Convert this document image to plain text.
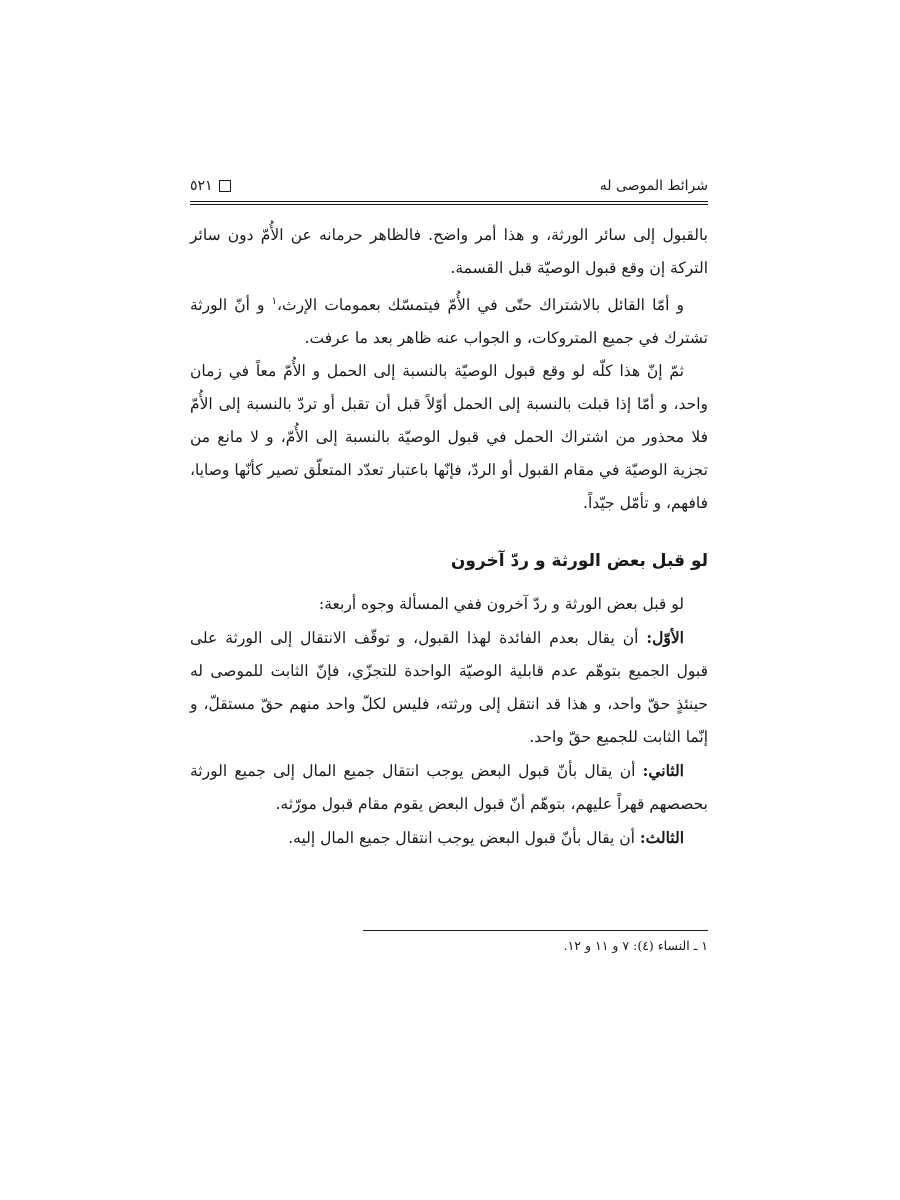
شرائط الموصى له
٥٢١

بالقبول إلى سائر الورثة، و هذا أمر واضح. فالظاهر حرمانه عن الأُمّ دون سائر التركة إن وقع قبول الوصيّة قبل القسمة.

و أمّا القائل بالاشتراك حتّى في الأُمّ فيتمسّك بعمومات الإرث،$^١$ و أنّ الورثة تشترك في جميع المتروكات، و الجواب عنه ظاهر بعد ما عرفت.

ثمّ إنّ هذا كلّه لو وقع قبول الوصيّة بالنسبة إلى الحمل و الأُمّ معاً في زمان واحد، و أمّا إذا قبلت بالنسبة إلى الحمل أوّلاً قبل أن تقبل أو تردّ بالنسبة إلى الأُمّ فلا محذور من اشتراك الحمل في قبول الوصيّة بالنسبة إلى الأُمّ، و لا مانع من تجزية الوصيّة في مقام القبول أو الردّ، فإنّها باعتبار تعدّد المتعلّق تصير كأنّها وصايا، فافهم، و تأمّل جيّداً.

لو قبل بعض الورثة و ردّ آخرون

لو قبل بعض الورثة و ردّ آخرون ففي المسألة وجوه أربعة:

الأوّل: أن يقال بعدم الفائدة لهذا القبول، و توقّف الانتقال إلى الورثة على قبول الجميع بتوهّم عدم قابلية الوصيّة الواحدة للتجزّي، فإنّ الثابت للموصى له حينئذٍ حقّ واحد، و هذا قد انتقل إلى ورثته، فليس لكلّ واحد منهم حقّ مستقلّ، و إنّما الثابت للجميع حقّ واحد.

الثاني: أن يقال بأنّ قبول البعض يوجب انتقال جميع المال إلى جميع الورثة بحصصهم قهراً عليهم، بتوهّم أنّ قبول البعض يقوم مقام قبول مورّثه.

الثالث: أن يقال بأنّ قبول البعض يوجب انتقال جميع المال إليه.

١ ـ النساء (٤): ٧ و ١١ و ١٢.
